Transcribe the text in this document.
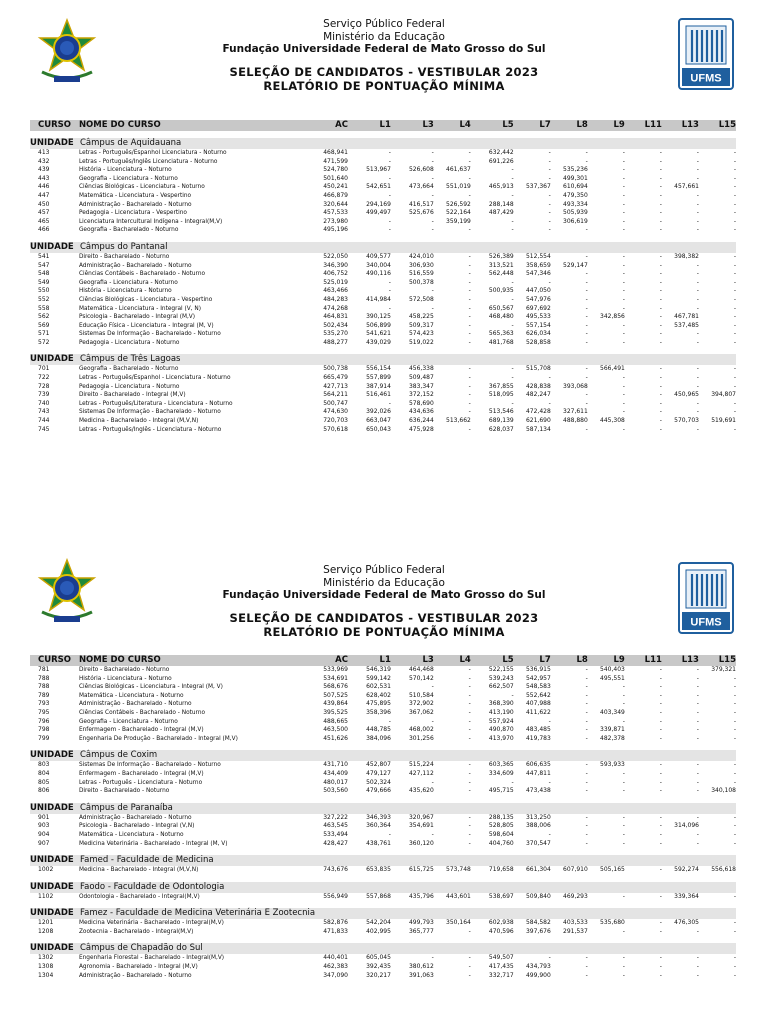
Serviço Público Federal
Ministério da Educação
Fundação Universidade Federal de Mato Grosso do Sul
SELEÇÃO DE CANDIDATOS - VESTIBULAR 2023
RELATÓRIO DE PONTUAÇÃO MÍNIMA	UFMS
CURSO NOME DO CURSO	AC	L1	L3	L4	L5	L7	L8	L9	L11	L13	L15
UNIDADE Câmpus de Aquidauana
413	Letras - Português/Espanhol Licenciatura - Noturno	468,941	-	-	-	632,442	-	-	-	-	-	-
432	Letras - Português/Inglês Licenciatura - Noturno	471,599	-	-	-	691,226	-	-	-	-	-	-
439	História - Licenciatura - Noturno	524,780	513,967	526,608	461,637	-	-	535,236	-	-	-	-
443	Geografia - Licenciatura - Noturno	501,640	-	-	-	-	-	499,301	-	-	-	-
446	Ciências Biológicas - Licenciatura - Noturno	450,241	542,651	473,664	551,019	465,913	537,367	610,694	-	-	457,661	-
447	Matemática - Licenciatura - Vespertino	466,879	-	-	-	-	-	479,350	-	-	-	-
450	Administração - Bacharelado - Noturno	320,644	294,169	416,517	526,592	288,148	-	493,334	-	-	-	-
457	Pedagogia - Licenciatura - Vespertino	457,533	499,497	525,676	522,164	487,429	-	505,939	-	-	-	-
465	Licenciatura Intercultural Indígena - Integral(M,V)	273,980	-	-	359,199	-	-	306,619	-	-	-	-
466	Geografia - Bacharelado - Noturno	495,196	-	-	-	-	-	-	-	-	-	-
UNIDADE Câmpus do Pantanal
541	Direito - Bacharelado - Noturno	522,050	409,577	424,010	-	526,389	512,554	-	-	-	398,382	-
547	Administração - Bacharelado - Noturno	346,390	340,004	306,930	-	313,521	358,659	529,147	-	-	-	-
548	Ciências Contábeis - Bacharelado - Noturno	406,752	490,116	516,559	-	562,448	547,346	-	-	-	-	-
549	Geografia - Licenciatura - Noturno	525,019	-	500,378	-	-	-	-	-	-	-	-
550	História - Licenciatura - Noturno	463,466	-	-	-	500,935	447,050	-	-	-	-	-
552	Ciências Biológicas - Licenciatura - Vespertino	484,283	414,984	572,508	-	-	547,976	-	-	-	-	-
558	Matemática - Licenciatura - Integral (V, N)	474,268	-	-	-	650,567	697,692	-	-	-	-	-
562	Psicologia - Bacharelado - Integral (M,V)	464,831	390,125	458,225	-	468,480	495,533	-	342,856	-	467,781	-
569	Educação Física - Licenciatura - Integral (M, V)	502,434	506,899	509,317	-	-	557,154	-	-	-	537,485	-
571	Sistemas De Informação - Bacharelado - Noturno	535,270	541,621	574,423	-	565,363	626,034	-	-	-	-	-
572	Pedagogia - Licenciatura - Noturno	488,277	439,029	519,022	-	481,768	528,858	-	-	-	-	-
UNIDADE Câmpus de Três Lagoas
701	Geografia - Bacharelado - Noturno	500,738	556,154	456,338	-	-	515,708	-	566,491	-	-	-
722	Letras - Português/Espanhol - Licenciatura - Noturno	665,479	557,899	509,487	-	-	-	-	-	-	-	-
728	Pedagogia - Licenciatura - Noturno	427,713	387,914	383,347	-	367,855	428,838	393,068	-	-	-	-
739	Direito - Bacharelado - Integral (M,V)	564,211	516,461	372,152	-	518,095	482,247	-	-	-	450,965	394,807
740	Letras - Português/Literatura - Licenciatura - Noturno	500,747	-	578,690	-	-	-	-	-	-	-	-
743	Sistemas De Informação - Bacharelado - Noturno	474,630	392,026	434,636	-	513,546	472,428	327,611	-	-	-	-
744	Medicina - Bacharelado - Integral (M,V,N)	720,703	663,047	636,244	513,662	689,139	621,690	488,880	445,308	-	570,703	519,691
745	Letras - Português/Inglês - Licenciatura - Noturno	570,618	650,043	475,928	-	628,037	587,134	-	-	-	-	-
Serviço Público Federal
Ministério da Educação
Fundação Universidade Federal de Mato Grosso do Sul
SELEÇÃO DE CANDIDATOS - VESTIBULAR 2023
RELATÓRIO DE PONTUAÇÃO MÍNIMA
UFMS
CURSO NOME DO CURSO	AC	L1	L3	L4	L5	L7	L8	L9	L11	L13	L15
781	Direito - Bacharelado - Noturno	533,969	546,319	464,468	-	522,155	536,915	-	540,403	-	-	379,321
788	História - Licenciatura - Noturno	534,691	599,142	570,142	-	539,243	542,957	-	495,551	-	-	-
788	Ciências Biológicas - Licenciatura - Integral (M, V)	568,676	602,531	-	-	662,507	548,583	-	-	-	-	-
789	Matemática - Licenciatura - Noturno	507,525	628,402	510,584	-	-	552,642	-	-	-	-	-
793	Administração - Bacharelado - Noturno	439,864	475,895	372,902	-	368,390	407,988	-	-	-	-	-
795	Ciências Contábeis - Bacharelado - Noturno	395,525	358,396	367,062	-	413,190	411,622	-	403,349	-	-	-
796	Geografia - Licenciatura - Noturno	488,665	-	-	-	557,924	-	-	-	-	-	-
798	Enfermagem - Bacharelado - Integral (M,V)	463,500	448,785	468,002	-	490,870	483,485	-	339,871	-	-	-
799	Engenharia De Produção - Bacharelado - Integral (M,V)	451,626	384,096	301,256	-	413,970	419,783	-	482,378	-	-	-
UNIDADE Câmpus de Coxim
803	Sistemas De Informação - Bacharelado - Noturno	431,710	452,807	515,224	-	603,365	606,635	-	593,933	-	-	-
804	Enfermagem - Bacharelado - Integral (M,V)	434,409	479,127	427,112	-	334,609	447,811	-	-	-	-	-
805	Letras - Português - Licenciatura - Noturno	480,017	502,324	-	-	-	-	-	-	-	-	-
806	Direito - Bacharelado - Noturno	503,560	479,666	435,620	-	495,715	473,438	-	-	-	-	340,108
UNIDADE Câmpus de Paranaíba
901	Administração - Bacharelado - Noturno	327,222	346,393	320,967	-	288,135	313,250	-	-	-	-	-
903	Psicologia - Bacharelado - Integral (V,N)	463,545	360,364	354,691	-	528,805	388,006	-	-	-	314,096	-
904	Matemática - Licenciatura - Noturno	533,494	-	-	-	598,604	-	-	-	-	-	-
907	Medicina Veterinária - Bacharelado - Integral (M, V)	428,427	438,761	360,120	-	404,760	370,547	-	-	-	-	-
UNIDADE Famed - Faculdade de Medicina
1002	Medicina - Bacharelado - Integral (M,V,N)	743,676	653,835	615,725	573,748	719,658	661,304	607,910	505,165	-	592,274	556,618
UNIDADE Faodo - Faculdade de Odontologia
1102	Odontologia - Bacharelado - Integral(M,V)	556,949	557,868	435,796	443,601	538,697	509,840	469,293	-	-	339,364	-
UNIDADE Famez - Faculdade de Medicina Veterinária E Zootecnia
1201	Medicina Veterinária - Bacharelado - Integral(M,V)	582,876	542,204	499,793	350,164	602,938	584,582	403,533	535,680	-	476,305	-
1208	Zootecnia - Bacharelado - Integral(M,V)	471,833	402,995	365,777	-	470,596	397,676	291,537	-	-	-	-
UNIDADE Câmpus de Chapadão do Sul
1302	Engenharia Florestal - Bacharelado - Integral(M,V)	440,401	605,045	-	-	549,507	-	-	-	-	-	-
1308	Agronomia - Bacharelado - Integral (M,V)	462,383	392,435	380,612	-	417,435	434,793	-	-	-	-	-
1304	Administração - Bacharelado - Noturno	347,090	320,217	391,063	-	332,717	499,900	-	-	-	-	-
